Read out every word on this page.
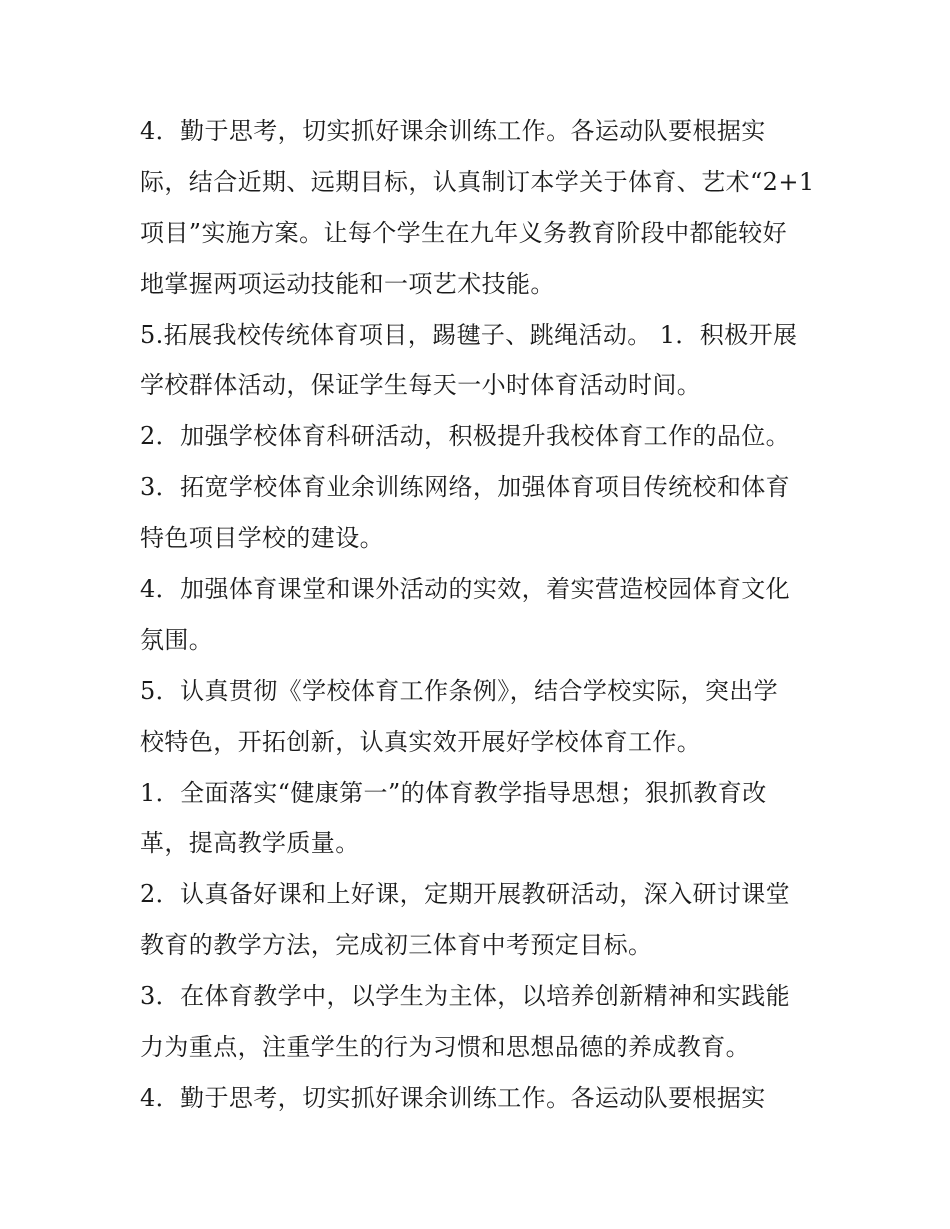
4．勤于思考，切实抓好课余训练工作。各运动队要根据实
际，结合近期、远期目标，认真制订本学关于体育、艺术“2+1
项目”实施方案。让每个学生在九年义务教育阶段中都能较好
地掌握两项运动技能和一项艺术技能。
5.拓展我校传统体育项目，踢毽子、跳绳活动。 1．积极开展
学校群体活动，保证学生每天一小时体育活动时间。
2．加强学校体育科研活动，积极提升我校体育工作的品位。
3．拓宽学校体育业余训练网络，加强体育项目传统校和体育
特色项目学校的建设。
4．加强体育课堂和课外活动的实效，着实营造校园体育文化
氛围。
5．认真贯彻《学校体育工作条例》，结合学校实际，突出学
校特色，开拓创新，认真实效开展好学校体育工作。
1．全面落实“健康第一”的体育教学指导思想；狠抓教育改
革，提高教学质量。
2．认真备好课和上好课，定期开展教研活动，深入研讨课堂
教育的教学方法，完成初三体育中考预定目标。
3．在体育教学中，以学生为主体，以培养创新精神和实践能
力为重点，注重学生的行为习惯和思想品德的养成教育。
4．勤于思考，切实抓好课余训练工作。各运动队要根据实
